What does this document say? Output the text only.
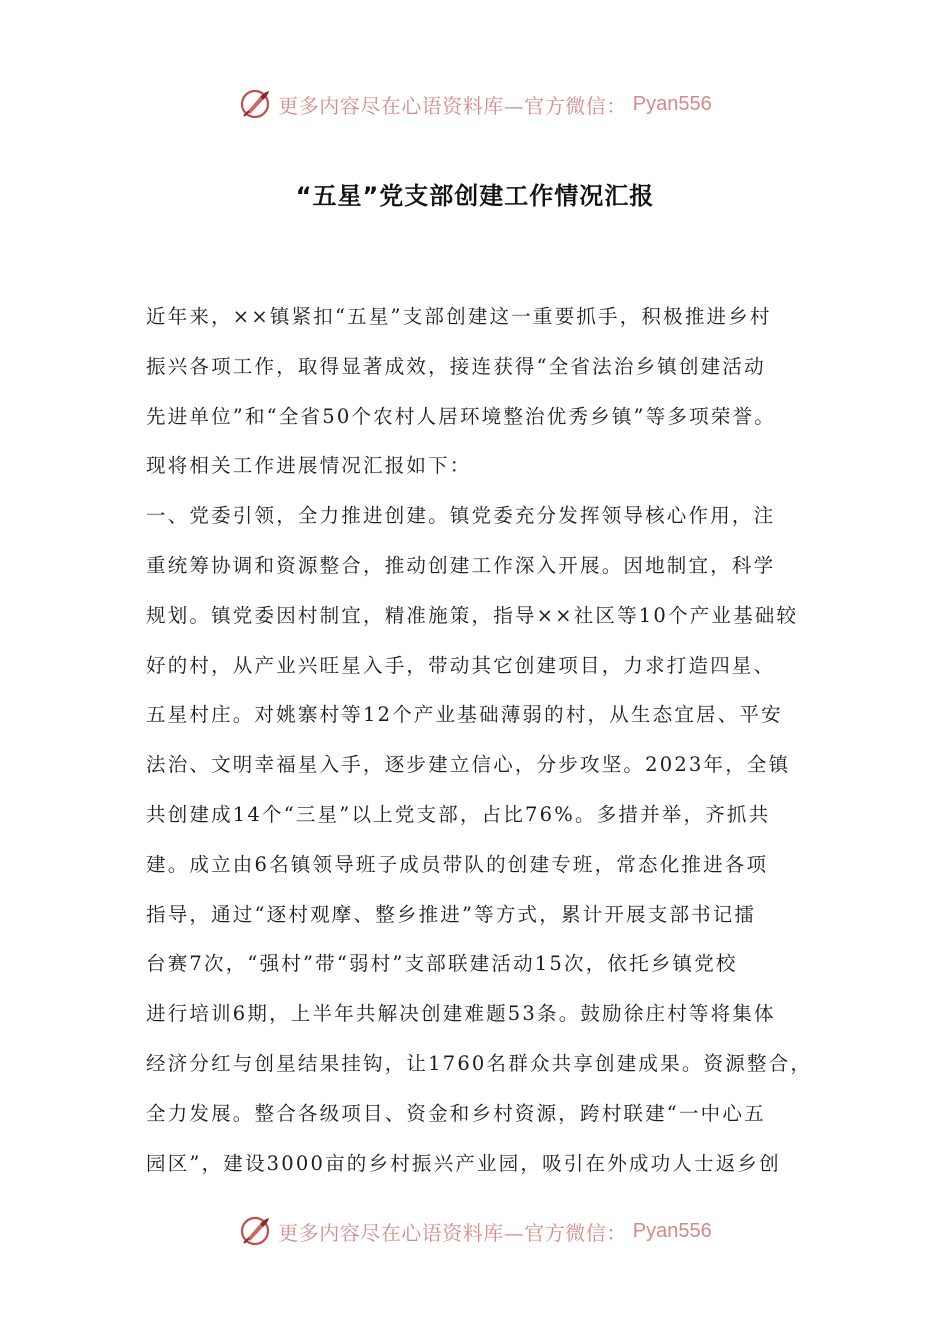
更多内容尽在心语资料库—官方微信： Pyan556
“五星”党支部创建工作情况汇报
近年来，××镇紧扣“五星”支部创建这一重要抓手，积极推进乡村
振兴各项工作，取得显著成效，接连获得“全省法治乡镇创建活动
先进单位”和“全省50个农村人居环境整治优秀乡镇”等多项荣誉。
现将相关工作进展情况汇报如下：
一、党委引领，全力推进创建。镇党委充分发挥领导核心作用，注
重统筹协调和资源整合，推动创建工作深入开展。因地制宜，科学
规划。镇党委因村制宜，精准施策，指导××社区等10个产业基础较
好的村，从产业兴旺星入手，带动其它创建项目，力求打造四星、
五星村庄。对姚寨村等12个产业基础薄弱的村，从生态宜居、平安
法治、文明幸福星入手，逐步建立信心，分步攻坚。2023年，全镇
共创建成14个“三星”以上党支部，占比76%。多措并举，齐抓共
建。成立由6名镇领导班子成员带队的创建专班，常态化推进各项
指导，通过“逐村观摩、整乡推进”等方式，累计开展支部书记擂
台赛7次，“强村”带“弱村”支部联建活动15次，依托乡镇党校
进行培训6期，上半年共解决创建难题53条。鼓励徐庄村等将集体
经济分红与创星结果挂钩，让1760名群众共享创建成果。资源整合，
全力发展。整合各级项目、资金和乡村资源，跨村联建“一中心五
园区”，建设3000亩的乡村振兴产业园，吸引在外成功人士返乡创
更多内容尽在心语资料库—官方微信： Pyan556
